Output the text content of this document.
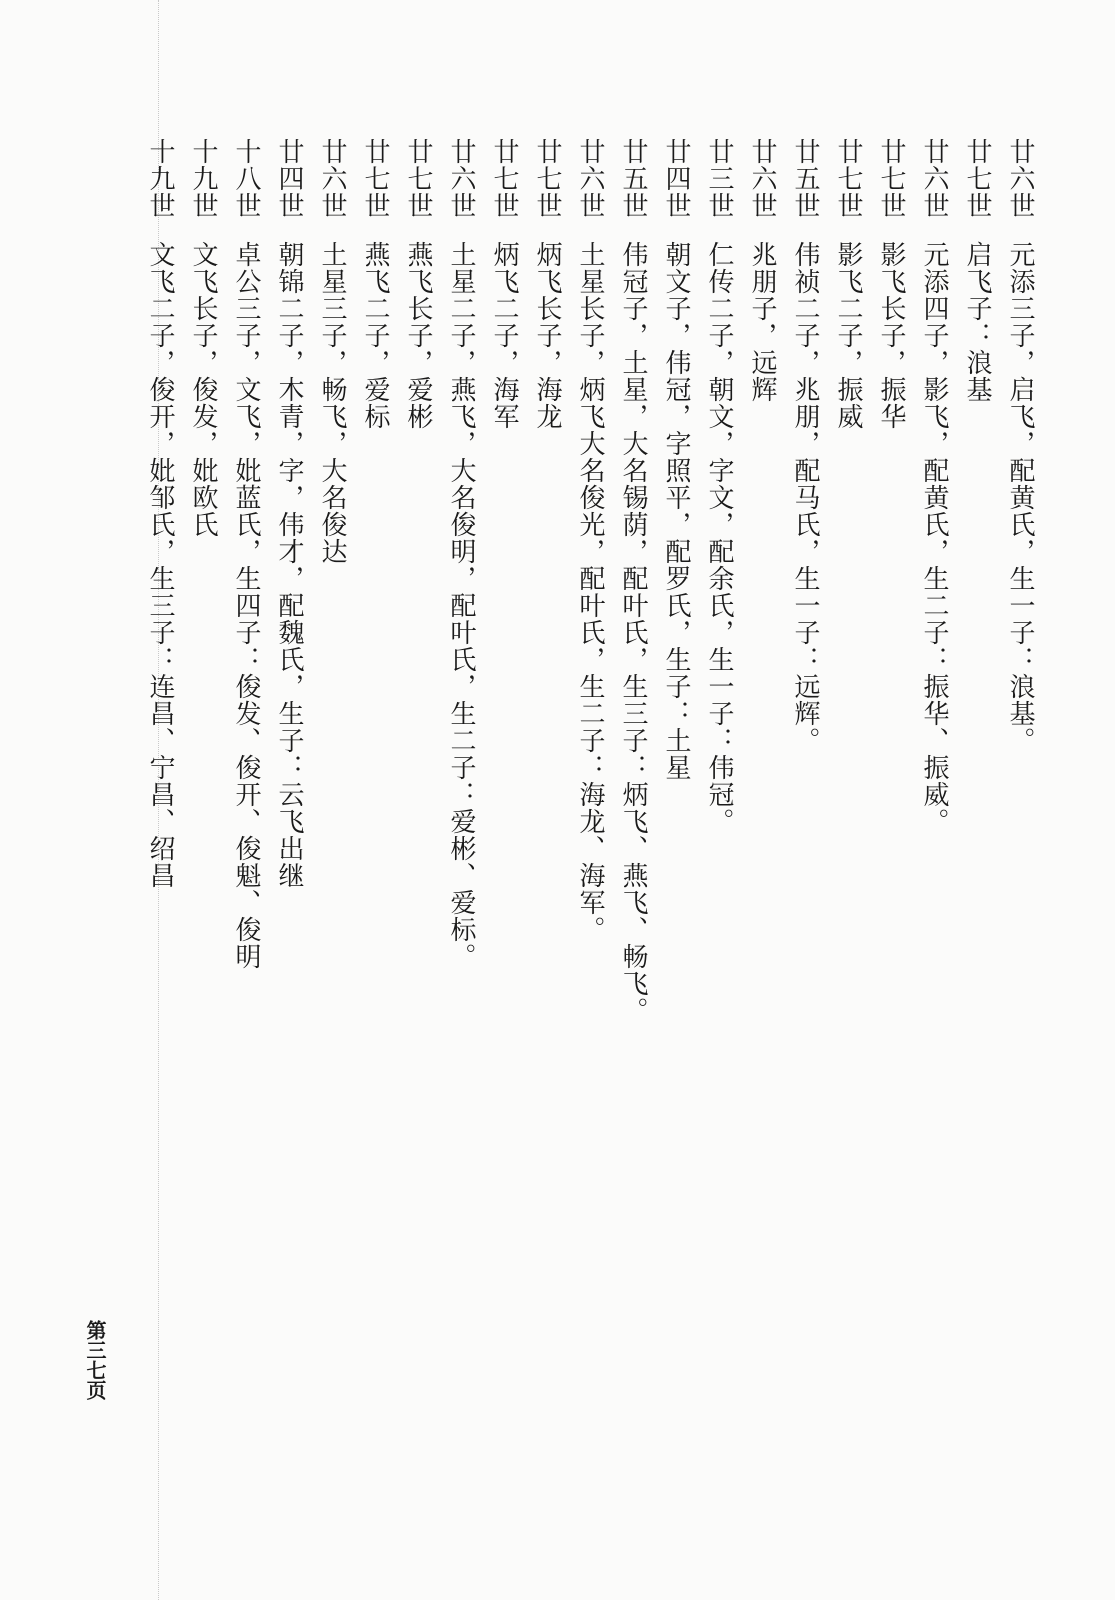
廿六世元添三子，启飞，配黄氏，生一子：浪基。
廿七世启飞子：浪基
廿六世元添四子，影飞，配黄氏，生二子：振华、振威。
廿七世影飞长子，振华
廿七世影飞二子，振威
廿五世伟祯二子，兆朋，配马氏，生一子：远辉。
廿六世兆朋子，远辉
廿三世仁传二子，朝文，字文，配余氏，生一子：伟冠。
廿四世朝文子，伟冠，字照平，配罗氏，生子：土星
廿五世伟冠子，土星，大名锡荫，配叶氏，生三子：炳飞、燕飞、畅飞。
廿六世土星长子，炳飞大名俊光，配叶氏，生二子：海龙、海军。
廿七世炳飞长子，海龙
廿七世炳飞二子，海军
廿六世土星二子，燕飞，大名俊明，配叶氏，生二子：爱彬、爱标。
廿七世燕飞长子，爱彬
廿七世燕飞二子，爱标
廿六世土星三子，畅飞，大名俊达
廿四世朝锦二子，木青，字，伟才，配魏氏，生子：云飞出继
十八世卓公三子，文飞，妣蓝氏，生四子：俊发、俊开、俊魁、俊明
十九世文飞长子，俊发，妣欧氏
十九世文飞二子，俊开，妣邹氏，生三子：连昌、宁昌、绍昌
第三七页
